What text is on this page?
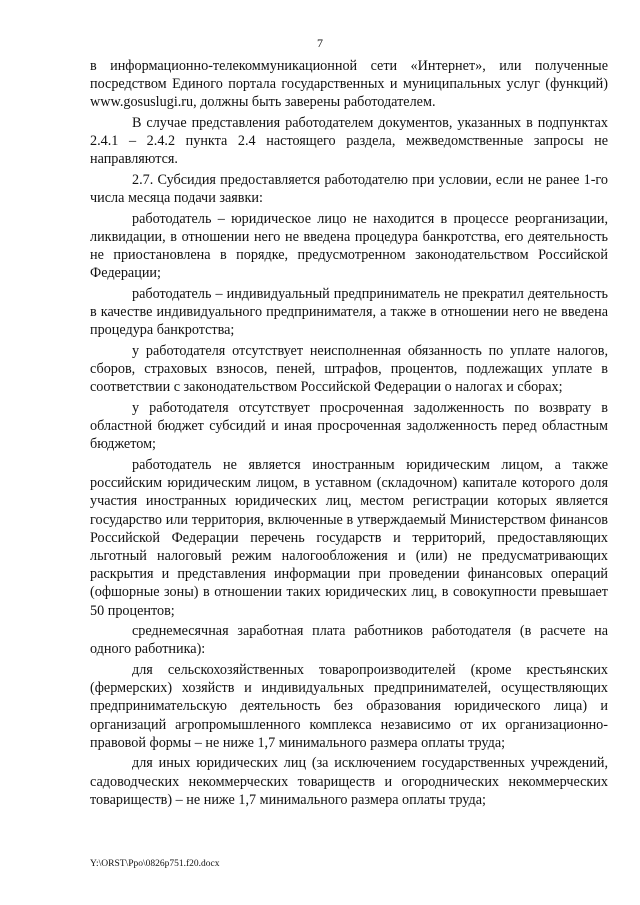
7

в информационно-телекоммуникационной сети «Интернет», или полученные посредством Единого портала государственных и муниципальных услуг (функций) www.gosuslugi.ru, должны быть заверены работодателем.

В случае представления работодателем документов, указанных в подпунктах 2.4.1 – 2.4.2 пункта 2.4 настоящего раздела, межведомственные запросы не направляются.

2.7. Субсидия предоставляется работодателю при условии, если не ранее 1-го числа месяца подачи заявки:

работодатель – юридическое лицо не находится в процессе реорганизации, ликвидации, в отношении него не введена процедура банкротства, его деятельность не приостановлена в порядке, предусмотренном законодательством Российской Федерации;

работодатель – индивидуальный предприниматель не прекратил деятельность в качестве индивидуального предпринимателя, а также в отношении него не введена процедура банкротства;

у работодателя отсутствует неисполненная обязанность по уплате налогов, сборов, страховых взносов, пеней, штрафов, процентов, подлежащих уплате в соответствии с законодательством Российской Федерации о налогах и сборах;

у работодателя отсутствует просроченная задолженность по возврату в областной бюджет субсидий и иная просроченная задолженность перед областным бюджетом;

работодатель не является иностранным юридическим лицом, а также российским юридическим лицом, в уставном (складочном) капитале которого доля участия иностранных юридических лиц, местом регистрации которых является государство или территория, включенные в утверждаемый Министерством финансов Российской Федерации перечень государств и территорий, предоставляющих льготный налоговый режим налогообложения и (или) не предусматривающих раскрытия и представления информации при проведении финансовых операций (офшорные зоны) в отношении таких юридических лиц, в совокупности превышает 50 процентов;

среднемесячная заработная плата работников работодателя (в расчете на одного работника):

для сельскохозяйственных товаропроизводителей (кроме крестьянских (фермерских) хозяйств и индивидуальных предпринимателей, осуществляющих предпринимательскую деятельность без образования юридического лица) и организаций агропромышленного комплекса независимо от их организационно-правовой формы – не ниже 1,7 минимального размера оплаты труда;

для иных юридических лиц (за исключением государственных учреждений, садоводческих некоммерческих товариществ и огороднических некоммерческих товариществ) – не ниже 1,7 минимального размера оплаты труда;

Y:\ORST\Ppo\0826p751.f20.docx
